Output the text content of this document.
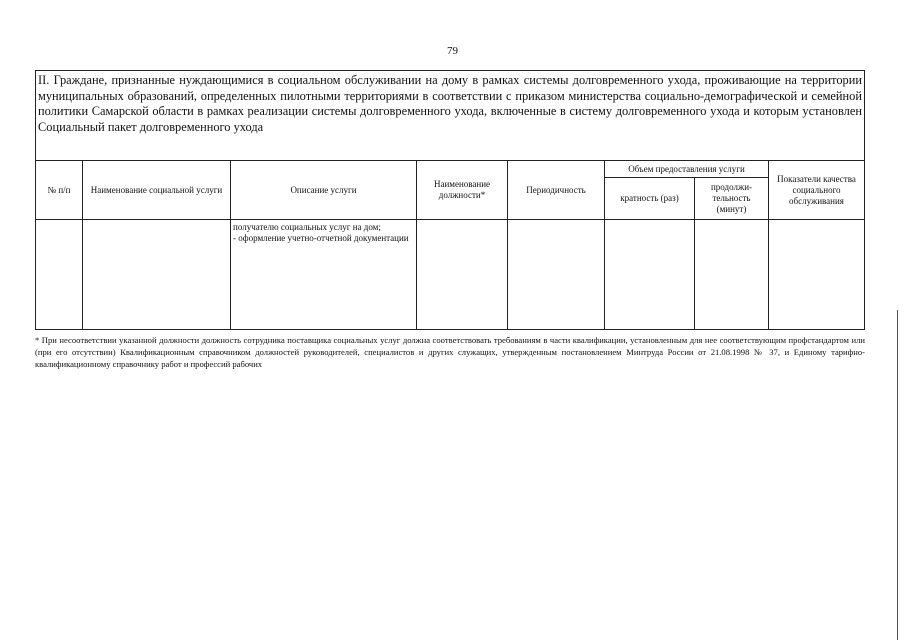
79
II. Граждане, признанные нуждающимися в социальном обслуживании на дому в рамках системы долговременного ухода, проживающие на территории муниципальных образований, определенных пилотными территориями в соответствии с приказом министерства социально-демографической и семейной политики Самарской области в рамках реализации системы долговременного ухода, включенные в систему долговременного ухода и которым установлен Социальный пакет долговременного ухода							
№ п/п	Наименование социальной услуги	Описание услуги	Наименование должности*	Периодичность	Объем предоставления услуги		Показатели качества социального обслуживания
					кратность (раз)	продолжи-тельность (минут)	

		получателю социальных услуг на дом;
- оформление учетно-отчетной документации					

* При несоответствии указанной должности должность сотрудника поставщика социальных услуг должна соответствовать требованиям в части квалификации, установленным для нее соответствующим профстандартом или (при его отсутствии) Квалификационным справочником должностей руководителей, специалистов и других служащих, утвержденным постановлением Минтруда России от 21.08.1998 № 37, и Единому тарифно-квалификационному справочнику работ и профессий рабочих
